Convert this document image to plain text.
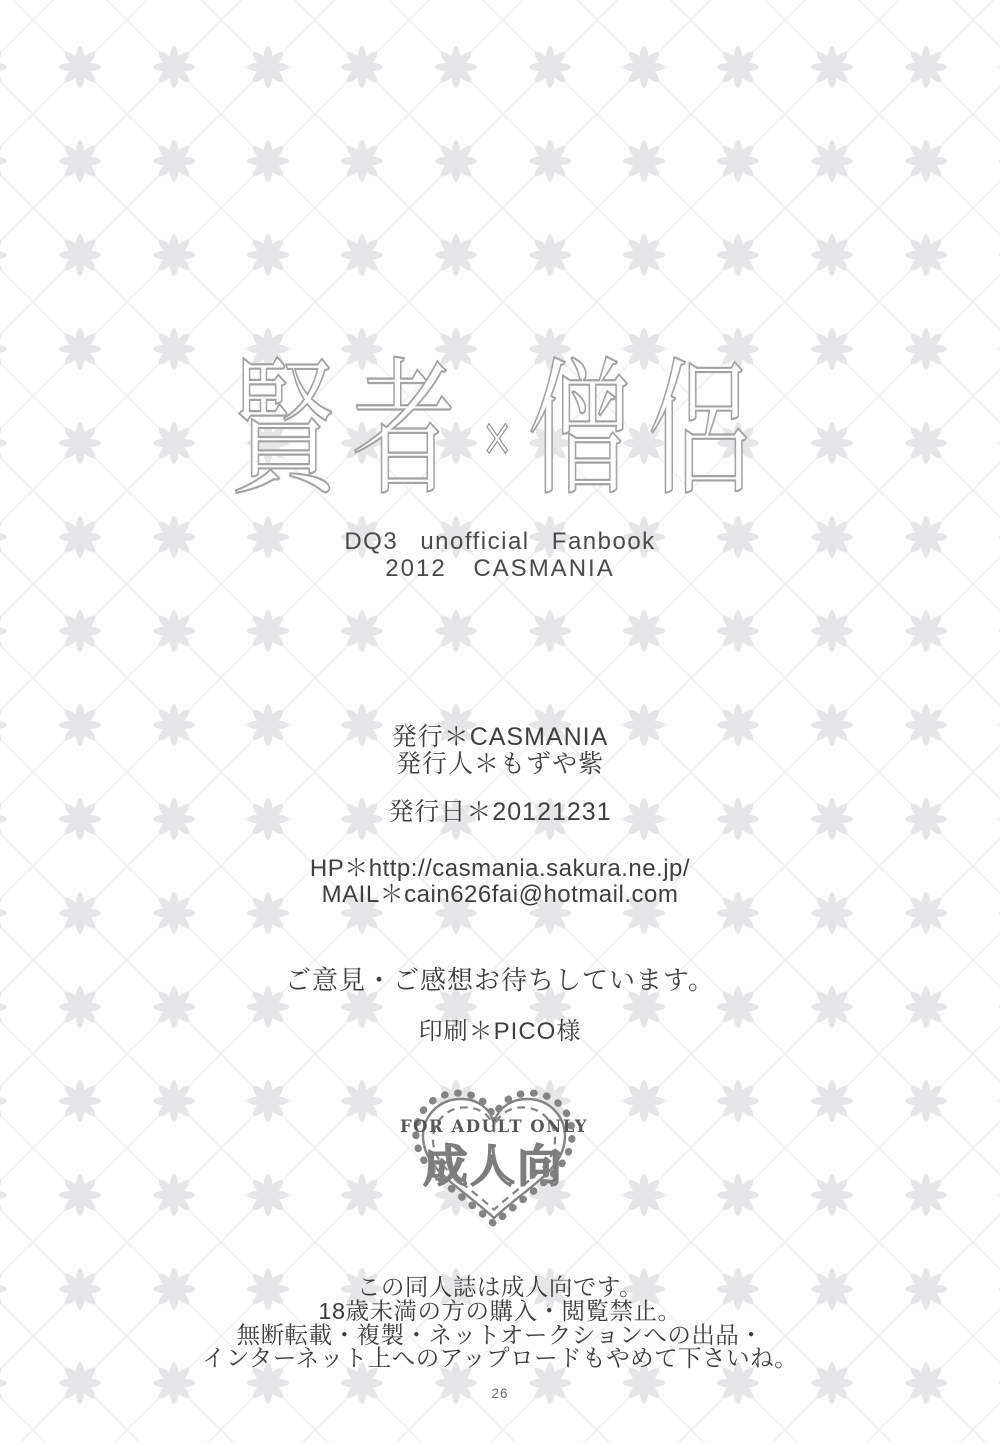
賢者 × 僧侶
DQ3 unofficial Fanbook
2012 CASMANIA
発行＊CASMANIA
発行人＊もずや紫
発行日＊20121231
HP＊http://casmania.sakura.ne.jp/
MAIL＊cain626fai@hotmail.com
ご意見・ご感想お待ちしています。
印刷＊PICO様
FOR ADULT ONLY
成人向
この同人誌は成人向です。
18歳未満の方の購入・閲覧禁止。
無断転載・複製・ネットオークションへの出品・
インターネット上へのアップロードもやめて下さいね。
26
